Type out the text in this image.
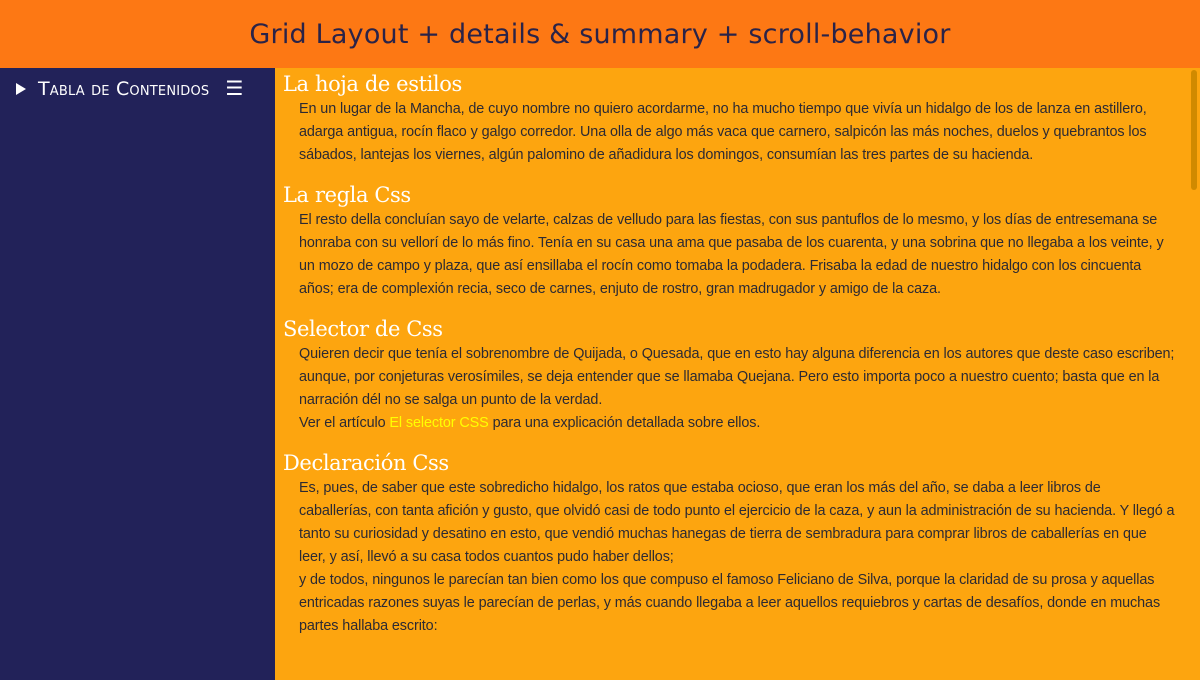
Grid Layout + details & summary + scroll-behavior
Tabla de Contenidos ☰ La hoja de estilos

En un lugar de la Mancha, de cuyo nombre no quiero acordarme, no ha mucho tiempo que vivía un hidalgo de los de lanza en astillero, adarga antigua, rocín flaco y galgo corredor. Una olla de algo más vaca que carnero, salpicón las más noches, duelos y quebrantos los sábados, lantejas los viernes, algún palomino de añadidura los domingos, consumían las tres partes de su hacienda.

La regla Css

El resto della concluían sayo de velarte, calzas de velludo para las fiestas, con sus pantuflos de lo mesmo, y los días de entresemana se honraba con su vellorí de lo más fino. Tenía en su casa una ama que pasaba de los cuarenta, y una sobrina que no llegaba a los veinte, y un mozo de campo y plaza, que así ensillaba el rocín como tomaba la podadera. Frisaba la edad de nuestro hidalgo con los cincuenta años; era de complexión recia, seco de carnes, enjuto de rostro, gran madrugador y amigo de la caza.

Selector de Css

Quieren decir que tenía el sobrenombre de Quijada, o Quesada, que en esto hay alguna diferencia en los autores que deste caso escriben; aunque, por conjeturas verosímiles, se deja entender que se llamaba Quejana. Pero esto importa poco a nuestro cuento; basta que en la narración dél no se salga un punto de la verdad.

Ver el artículo El selector CSS para una explicación detallada sobre ellos.

Declaración Css

Es, pues, de saber que este sobredicho hidalgo, los ratos que estaba ocioso, que eran los más del año, se daba a leer libros de caballerías, con tanta afición y gusto, que olvidó casi de todo punto el ejercicio de la caza, y aun la administración de su hacienda. Y llegó a tanto su curiosidad y desatino en esto, que vendió muchas hanegas de tierra de sembradura para comprar libros de caballerías en que leer, y así, llevó a su casa todos cuantos pudo haber dellos;

y de todos, ningunos le parecían tan bien como los que compuso el famoso Feliciano de Silva, porque la claridad de su prosa y aquellas entricadas razones suyas le parecían de perlas, y más cuando llegaba a leer aquellos requiebros y cartas de desafíos, donde en muchas partes hallaba escrito:
